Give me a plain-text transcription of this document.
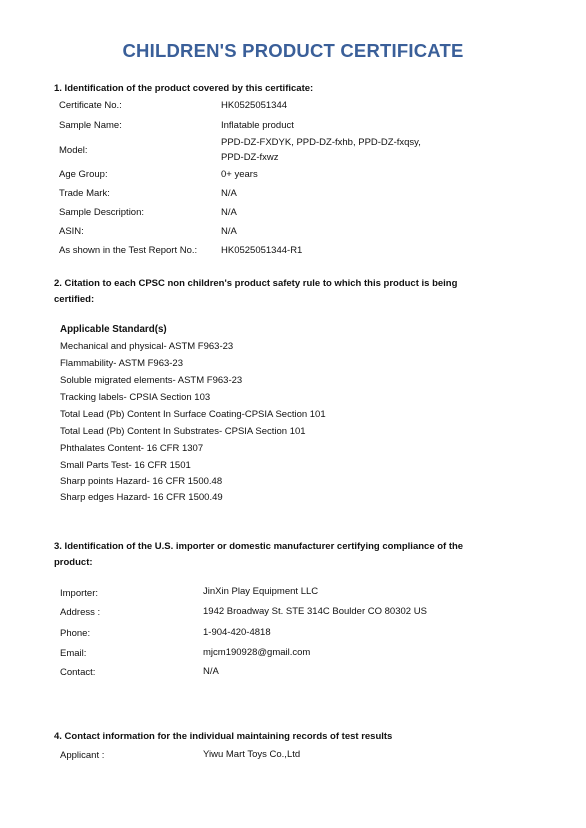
CHILDREN'S PRODUCT CERTIFICATE
1. Identification of the product covered by this certificate:
Certificate No.:	HK0525051344
Sample Name:	Inflatable product
Model:
PPD-DZ-FXDYK, PPD-DZ-fxhb, PPD-DZ-fxqsy,
PPD-DZ-fxwz
Age Group:	0+ years
Trade Mark:	N/A
Sample Description:	N/A
ASIN:	N/A
As shown in the Test Report No.:	HK0525051344-R1
2. Citation to each CPSC non children's product safety rule to which this product is being
certified:
Applicable Standard(s)
Mechanical and physical- ASTM F963-23
Flammability- ASTM F963-23
Soluble migrated elements- ASTM F963-23
Tracking labels- CPSIA Section 103
Total Lead (Pb) Content In Surface Coating-CPSIA Section 101
Total Lead (Pb) Content In Substrates- CPSIA Section 101
Phthalates Content- 16 CFR 1307
Small Parts Test- 16 CFR 1501
Sharp points Hazard- 16 CFR 1500.48
Sharp edges Hazard- 16 CFR 1500.49
3. Identification of the U.S. importer or domestic manufacturer certifying compliance of the
product:
Importer:	JinXin Play Equipment LLC
Address :	1942 Broadway St. STE 314C Boulder CO 80302 US
Phone:	1-904-420-4818
Email:	mjcm190928@gmail.com
Contact:	N/A
4. Contact information for the individual maintaining records of test results
Applicant :	Yiwu Mart Toys Co.,Ltd
